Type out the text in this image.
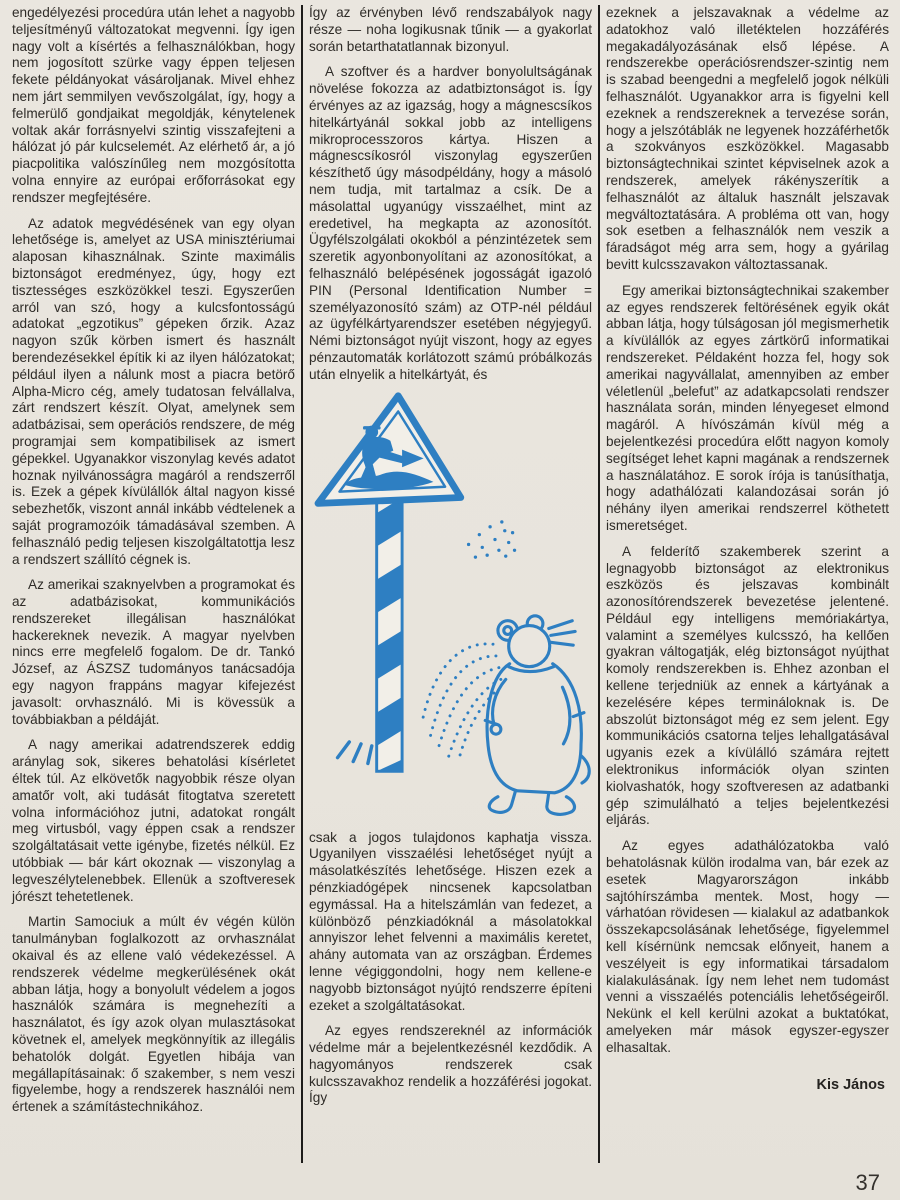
engedélyezési procedúra után lehet a nagyobb teljesítményű változatokat megvenni. Így igen nagy volt a kísértés a felhasználókban, hogy nem jogosított szürke vagy éppen teljesen fekete példányokat vásároljanak. Mivel ehhez nem járt semmilyen vevőszolgálat, így, hogy a felmerülő gondjaikat megoldják, kénytelenek voltak akár forrásnyelvi szintig visszafejteni a hálózat jó pár kulcselemét. Az elérhető ár, a jó piacpolitika valószínűleg nem mozgósította volna ennyire az európai erőforrásokat egy rendszer megfejtésére.

Az adatok megvédésének van egy olyan lehetősége is, amelyet az USA minisztériumai alaposan kihasználnak. Szinte maximális biztonságot eredményez, úgy, hogy ezt tisztességes eszközökkel teszi. Egyszerűen arról van szó, hogy a kulcsfontosságú adatokat „egzotikus” gépeken őrzik. Azaz nagyon szűk körben ismert és használt berendezésekkel építik ki az ilyen hálózatokat; például ilyen a nálunk most a piacra betörő Alpha-Micro cég, amely tudatosan felvállalva, zárt rendszert készít. Olyat, amelynek sem adatbázisai, sem operációs rendszere, de még programjai sem kompatibilisek az ismert gépekkel. Ugyanakkor viszonylag kevés adatot hoznak nyilvánosságra magáról a rendszerről is. Ezek a gépek kívülállók által nagyon kissé sebezhetők, viszont annál inkább védtelenek a saját programozóik támadásával szemben. A felhasználó pedig teljesen kiszolgáltatottja lesz a rendszert szállító cégnek is.

Az amerikai szaknyelvben a programokat és az adatbázisokat, kommunikációs rendszereket illegálisan használókat hackereknek nevezik. A magyar nyelvben nincs erre megfelelő fogalom. De dr. Tankó József, az ÁSZSZ tudományos tanácsadója egy nagyon frappáns magyar kifejezést javasolt: orvhasználó. Mi is kövessük a továbbiakban a példáját.

A nagy amerikai adatrendszerek eddig aránylag sok, sikeres behatolási kísérletet éltek túl. Az elkövetők nagyobbik része olyan amatőr volt, aki tudását fitogtatva szeretett volna információhoz jutni, adatokat rongált meg virtusból, vagy éppen csak a rendszer szolgáltatásait vette igénybe, fizetés nélkül. Ez utóbbiak — bár kárt okoznak — viszonylag a legveszélytelenebbek. Ellenük a szoftveresek jórészt tehetetlenek.

Martin Samociuk a múlt év végén külön tanulmányban foglalkozott az orvhasználat okaival és az ellene való védekezéssel. A rendszerek védelme megkerülésének okát abban látja, hogy a bonyolult védelem a jogos használók számára is megnehezíti a használatot, és így azok olyan mulasztásokat követnek el, amelyek megkönnyítik az illegális behatolók dolgát. Egyetlen hibája van megállapításainak: ő szakember, s nem veszi figyelembe, hogy a rendszerek használói nem értenek a számítástechnikához.

Így az érvényben lévő rendszabályok nagy része — noha logikusnak tűnik — a gyakorlat során betarthatatlannak bizonyul.

A szoftver és a hardver bonyolultságának növelése fokozza az adatbiztonságot is. Így érvényes az az igazság, hogy a mágnescsíkos hitelkártyánál sokkal jobb az intelligens mikroprocesszoros kártya. Hiszen a mágnescsíkosról viszonylag egyszerűen készíthető úgy másodpéldány, hogy a másoló nem tudja, mit tartalmaz a csík. De a másolattal ugyanúgy visszaélhet, mint az eredetivel, ha megkapta az azonosítót. Ügyfélszolgálati okokból a pénzintézetek sem szeretik agyonbonyolítani az azonosítókat, a felhasználó belépésének jogosságát igazoló PIN (Personal Identification Number = személyazonosító szám) az OTP-nél például az ügyfélkártyarendszer esetében négyjegyű. Némi biztonságot nyújt viszont, hogy az egyes pénzautomaták korlátozott számú próbálkozás után elnyelik a hitelkártyát, és

csak a jogos tulajdonos kaphatja vissza. Ugyanilyen visszaélési lehetőséget nyújt a másolatkészítés lehetősége. Hiszen ezek a pénzkiadógépek nincsenek kapcsolatban egymással. Ha a hitelszámlán van fedezet, a különböző pénzkiadóknál a másolatokkal annyiszor lehet felvenni a maximális keretet, ahány automata van az országban. Érdemes lenne végiggondolni, hogy nem kellene-e nagyobb biztonságot nyújtó rendszerre építeni ezeket a szolgáltatásokat.

Az egyes rendszereknél az információk védelme már a bejelentkezésnél kezdődik. A hagyományos rendszerek csak kulcsszavakhoz rendelik a hozzáférési jogokat. Így

ezeknek a jelszavaknak a védelme az adatokhoz való illetéktelen hozzáférés megakadályozásának első lépése. A rendszerekbe operációsrendszer-szintig nem is szabad beengedni a megfelelő jogok nélküli felhasználót. Ugyanakkor arra is figyelni kell ezeknek a rendszereknek a tervezése során, hogy a jelszótáblák ne legyenek hozzáférhetők a szokványos eszközökkel. Magasabb biztonságtechnikai szintet képviselnek azok a rendszerek, amelyek rákényszerítik a felhasználót az általuk használt jelszavak megváltoztatására. A probléma ott van, hogy sok esetben a felhasználók nem veszik a fáradságot még arra sem, hogy a gyárilag bevitt kulcsszavakon változtassanak.

Egy amerikai biztonságtechnikai szakember az egyes rendszerek feltörésének egyik okát abban látja, hogy túlságosan jól megismerhetik a kívülállók az egyes zártkörű informatikai rendszereket. Példaként hozza fel, hogy sok amerikai nagyvállalat, amennyiben az ember véletlenül „belefut” az adatkapcsolati rendszer használata során, minden lényegeset elmond magáról. A hívószámán kívül még a bejelentkezési procedúra előtt nagyon komoly segítséget lehet kapni magának a rendszernek a használatához. E sorok írója is tanúsíthatja, hogy adathálózati kalandozásai során jó néhány ilyen amerikai rendszerrel köthetett ismeretséget.

A felderítő szakemberek szerint a legnagyobb biztonságot az elektronikus eszközös és jelszavas kombinált azonosítórendszerek bevezetése jelentené. Például egy intelligens memóriakártya, valamint a személyes kulcsszó, ha kellően gyakran váltogatják, elég biztonságot nyújthat komoly rendszerekben is. Ehhez azonban el kellene terjedniük az ennek a kártyának a kezelésére képes termináloknak is. De abszolút biztonságot még ez sem jelent. Egy kommunikációs csatorna teljes lehallgatásával ugyanis ezek a kívülálló számára rejtett elektronikus információk olyan szinten kiolvashatók, hogy szoftveresen az adatbanki gép szimulálható a teljes bejelentkezési eljárás.

Az egyes adathálózatokba való behatolásnak külön irodalma van, bár ezek az esetek Magyarországon inkább sajtóhírszámba mentek. Most, hogy — várhatóan rövidesen — kialakul az adatbankok összekapcsolásának lehetősége, figyelemmel kell kísérnünk nemcsak előnyeit, hanem a veszélyeit is egy informatikai társadalom kialakulásának. Így nem lehet nem tudomást venni a visszaélés potenciális lehetőségeiről. Nekünk el kell kerülni azokat a buktatókat, amelyeken már mások egyszer-egyszer elhasaltak.

Kis János
37
